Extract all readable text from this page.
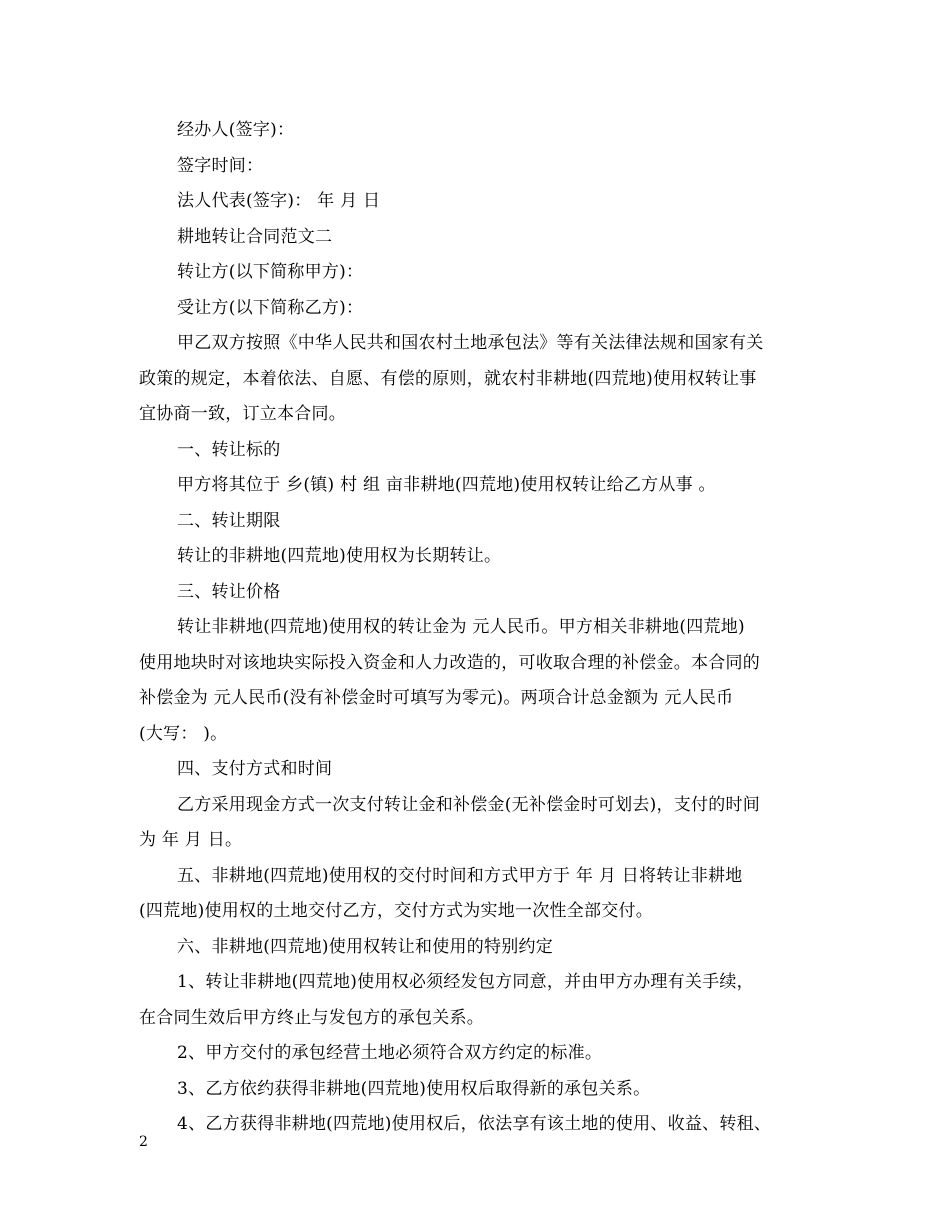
经办人(签字)：
签字时间：
法人代表(签字)： 年 月 日
耕地转让合同范文二
转让方(以下简称甲方)：
受让方(以下简称乙方)：
甲乙双方按照《中华人民共和国农村土地承包法》等有关法律法规和国家有关
政策的规定，本着依法、自愿、有偿的原则，就农村非耕地(四荒地)使用权转让事
宜协商一致，订立本合同。
一、转让标的
甲方将其位于 乡(镇) 村 组 亩非耕地(四荒地)使用权转让给乙方从事 。
二、转让期限
转让的非耕地(四荒地)使用权为长期转让。
三、转让价格
转让非耕地(四荒地)使用权的转让金为 元人民币。甲方相关非耕地(四荒地)
使用地块时对该地块实际投入资金和人力改造的，可收取合理的补偿金。本合同的
补偿金为 元人民币(没有补偿金时可填写为零元)。两项合计总金额为 元人民币
(大写： )。
四、支付方式和时间
乙方采用现金方式一次支付转让金和补偿金(无补偿金时可划去)，支付的时间
为 年 月 日。
五、非耕地(四荒地)使用权的交付时间和方式甲方于 年 月 日将转让非耕地
(四荒地)使用权的土地交付乙方，交付方式为实地一次性全部交付。
六、非耕地(四荒地)使用权转让和使用的特别约定
1、转让非耕地(四荒地)使用权必须经发包方同意，并由甲方办理有关手续，
在合同生效后甲方终止与发包方的承包关系。
2、甲方交付的承包经营土地必须符合双方约定的标准。
3、乙方依约获得非耕地(四荒地)使用权后取得新的承包关系。
4、乙方获得非耕地(四荒地)使用权后，依法享有该土地的使用、收益、转租、
2
